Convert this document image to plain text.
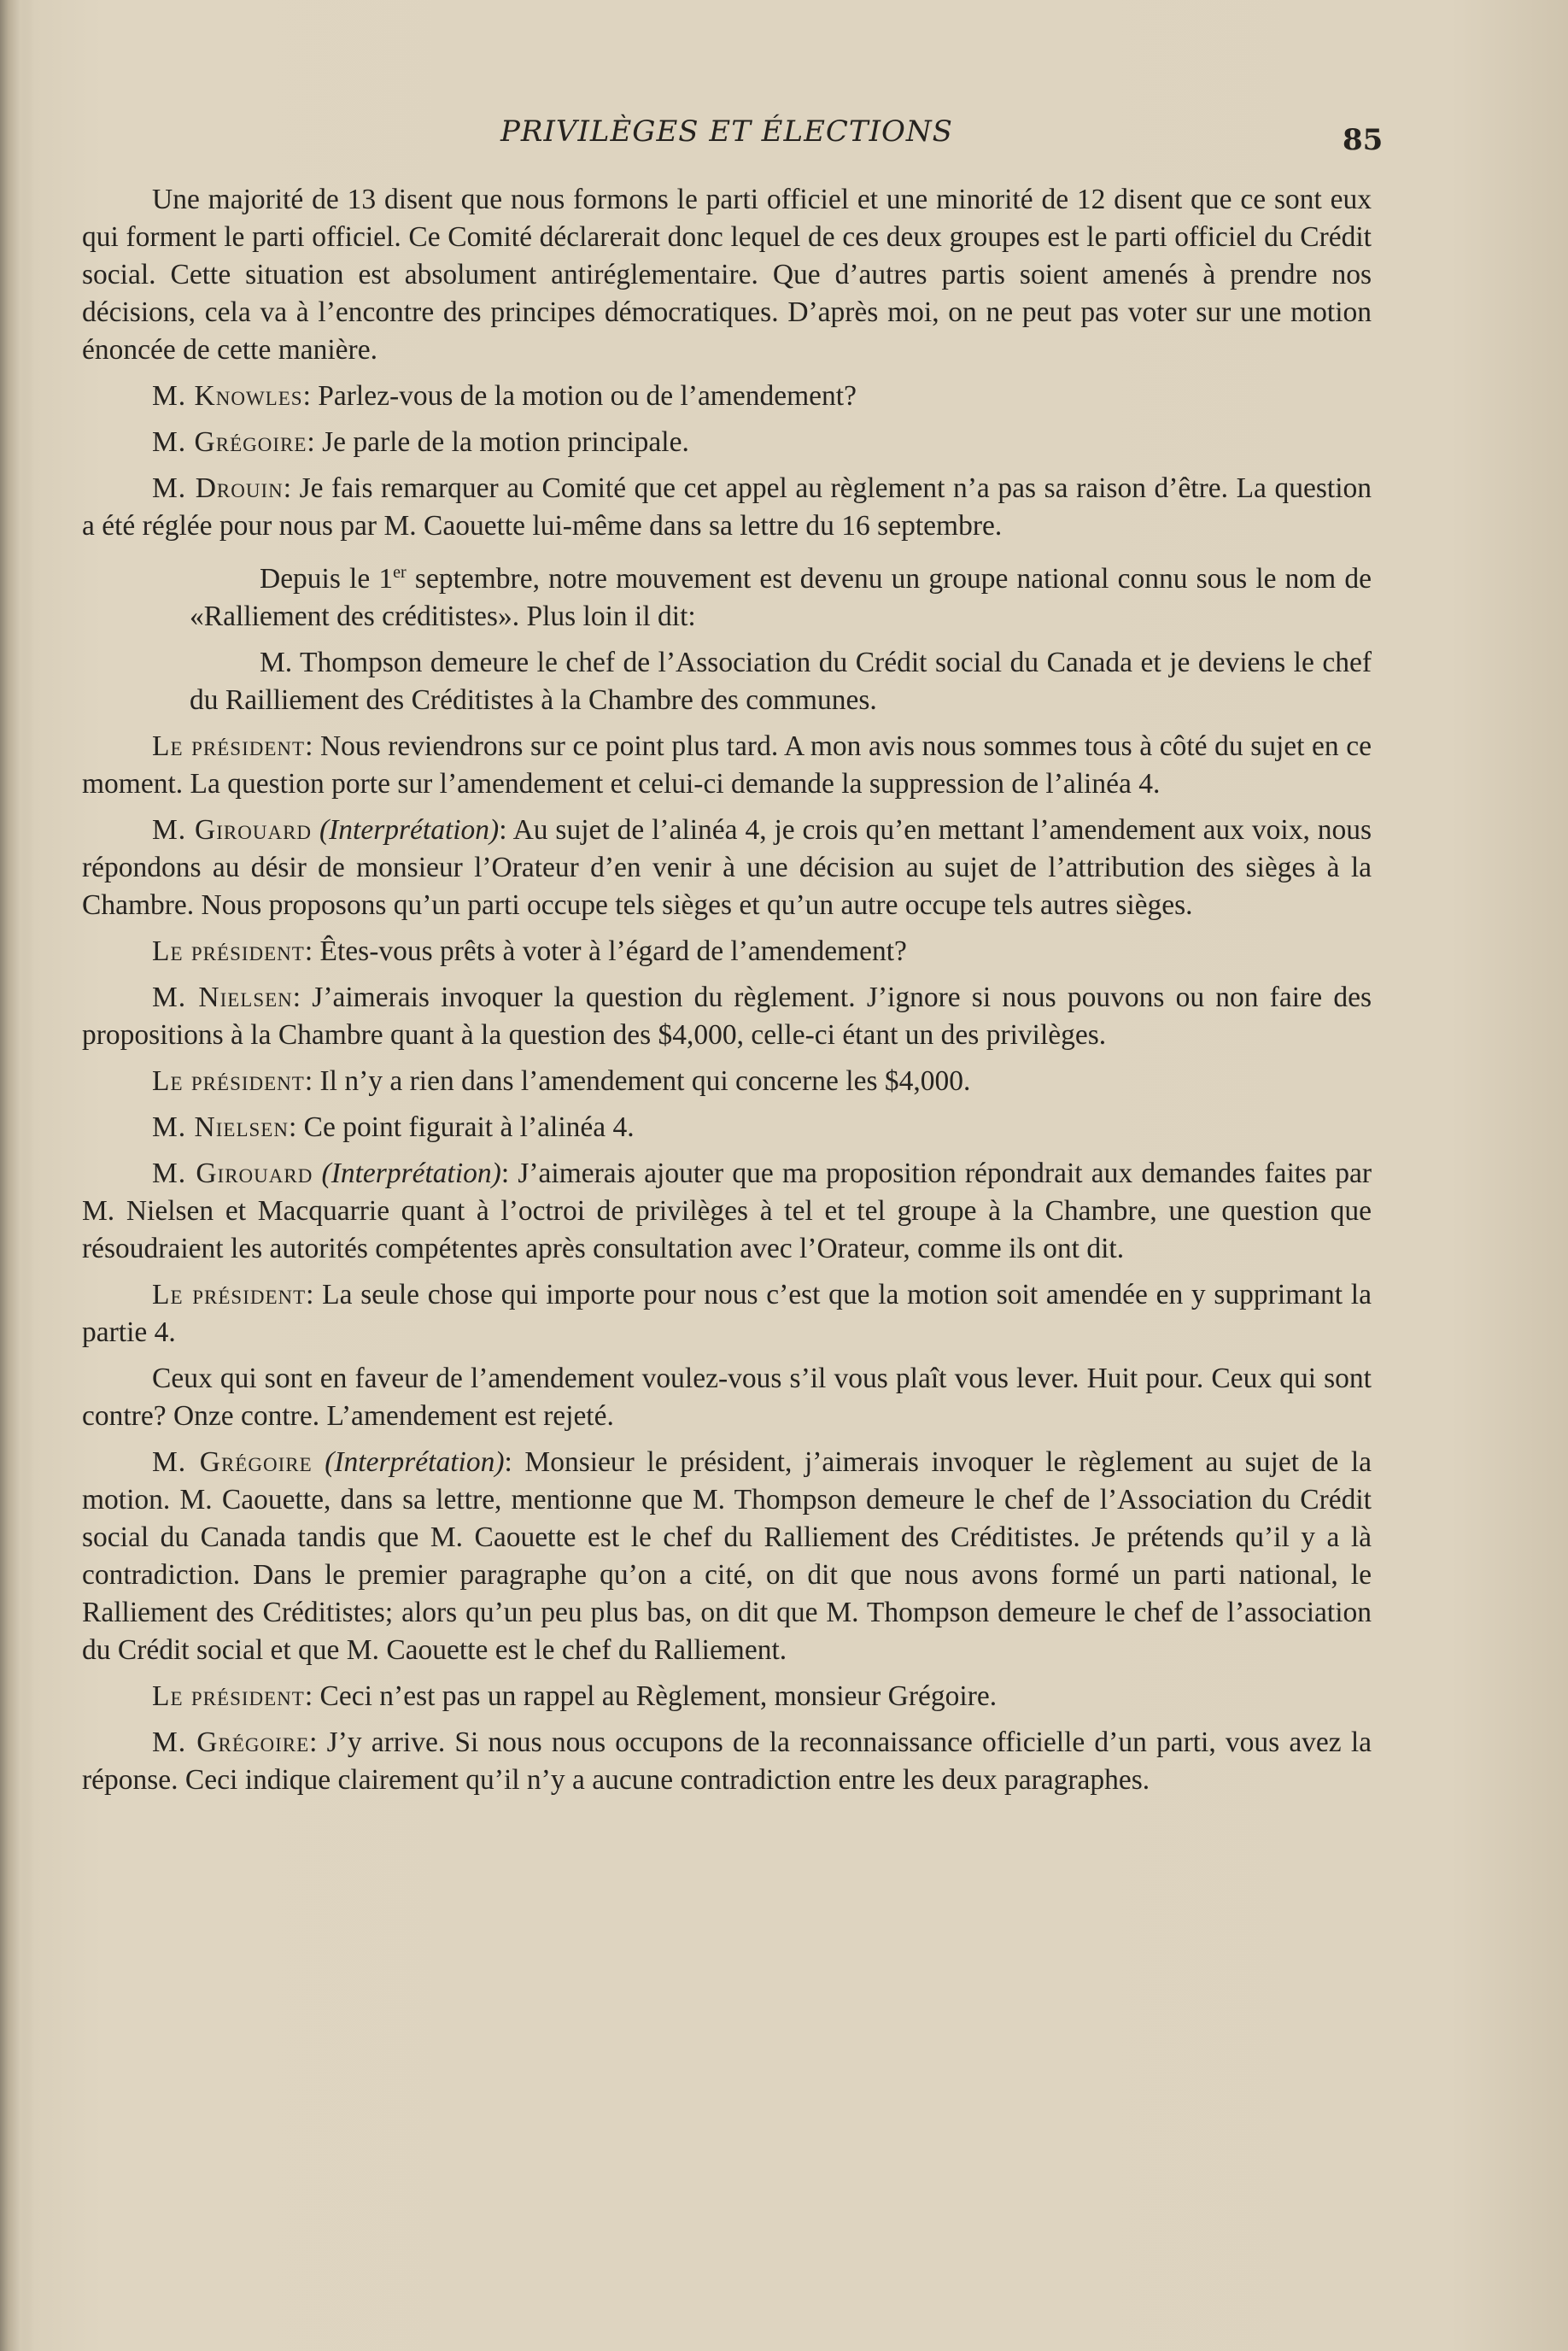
PRIVILÈGES ET ÉLECTIONS	85

Une majorité de 13 disent que nous formons le parti officiel et une minorité de 12 disent que ce sont eux qui forment le parti officiel. Ce Comité déclarerait donc lequel de ces deux groupes est le parti officiel du Crédit social. Cette situation est absolument antiréglementaire. Que d’autres partis soient amenés à prendre nos décisions, cela va à l’encontre des principes démocratiques. D’après moi, on ne peut pas voter sur une motion énoncée de cette manière.

M. Knowles: Parlez-vous de la motion ou de l’amendement?

M. Grégoire: Je parle de la motion principale.

M. Drouin: Je fais remarquer au Comité que cet appel au règlement n’a pas sa raison d’être. La question a été réglée pour nous par M. Caouette lui-même dans sa lettre du 16 septembre.

Depuis le 1er septembre, notre mouvement est devenu un groupe national connu sous le nom de «Ralliement des créditistes». Plus loin il dit:

M. Thompson demeure le chef de l’Association du Crédit social du Canada et je deviens le chef du Railliement des Créditistes à la Chambre des communes.

Le président: Nous reviendrons sur ce point plus tard. A mon avis nous sommes tous à côté du sujet en ce moment. La question porte sur l’amendement et celui-ci demande la suppression de l’alinéa 4.

M. Girouard (Interprétation): Au sujet de l’alinéa 4, je crois qu’en mettant l’amendement aux voix, nous répondons au désir de monsieur l’Orateur d’en venir à une décision au sujet de l’attribution des sièges à la Chambre. Nous proposons qu’un parti occupe tels sièges et qu’un autre occupe tels autres sièges.

Le président: Êtes-vous prêts à voter à l’égard de l’amendement?

M. Nielsen: J’aimerais invoquer la question du règlement. J’ignore si nous pouvons ou non faire des propositions à la Chambre quant à la question des $4,000, celle-ci étant un des privilèges.

Le président: Il n’y a rien dans l’amendement qui concerne les $4,000.

M. Nielsen: Ce point figurait à l’alinéa 4.

M. Girouard (Interprétation): J’aimerais ajouter que ma proposition répondrait aux demandes faites par M. Nielsen et Macquarrie quant à l’octroi de privilèges à tel et tel groupe à la Chambre, une question que résoudraient les autorités compétentes après consultation avec l’Orateur, comme ils ont dit.

Le président: La seule chose qui importe pour nous c’est que la motion soit amendée en y supprimant la partie 4.

Ceux qui sont en faveur de l’amendement voulez-vous s’il vous plaît vous lever. Huit pour. Ceux qui sont contre? Onze contre. L’amendement est rejeté.

M. Grégoire (Interprétation): Monsieur le président, j’aimerais invoquer le règlement au sujet de la motion. M. Caouette, dans sa lettre, mentionne que M. Thompson demeure le chef de l’Association du Crédit social du Canada tandis que M. Caouette est le chef du Ralliement des Créditistes. Je prétends qu’il y a là contradiction. Dans le premier paragraphe qu’on a cité, on dit que nous avons formé un parti national, le Ralliement des Créditistes; alors qu’un peu plus bas, on dit que M. Thompson demeure le chef de l’association du Crédit social et que M. Caouette est le chef du Ralliement.

Le président: Ceci n’est pas un rappel au Règlement, monsieur Grégoire.

M. Grégoire: J’y arrive. Si nous nous occupons de la reconnaissance officielle d’un parti, vous avez la réponse. Ceci indique clairement qu’il n’y a aucune contradiction entre les deux paragraphes.
